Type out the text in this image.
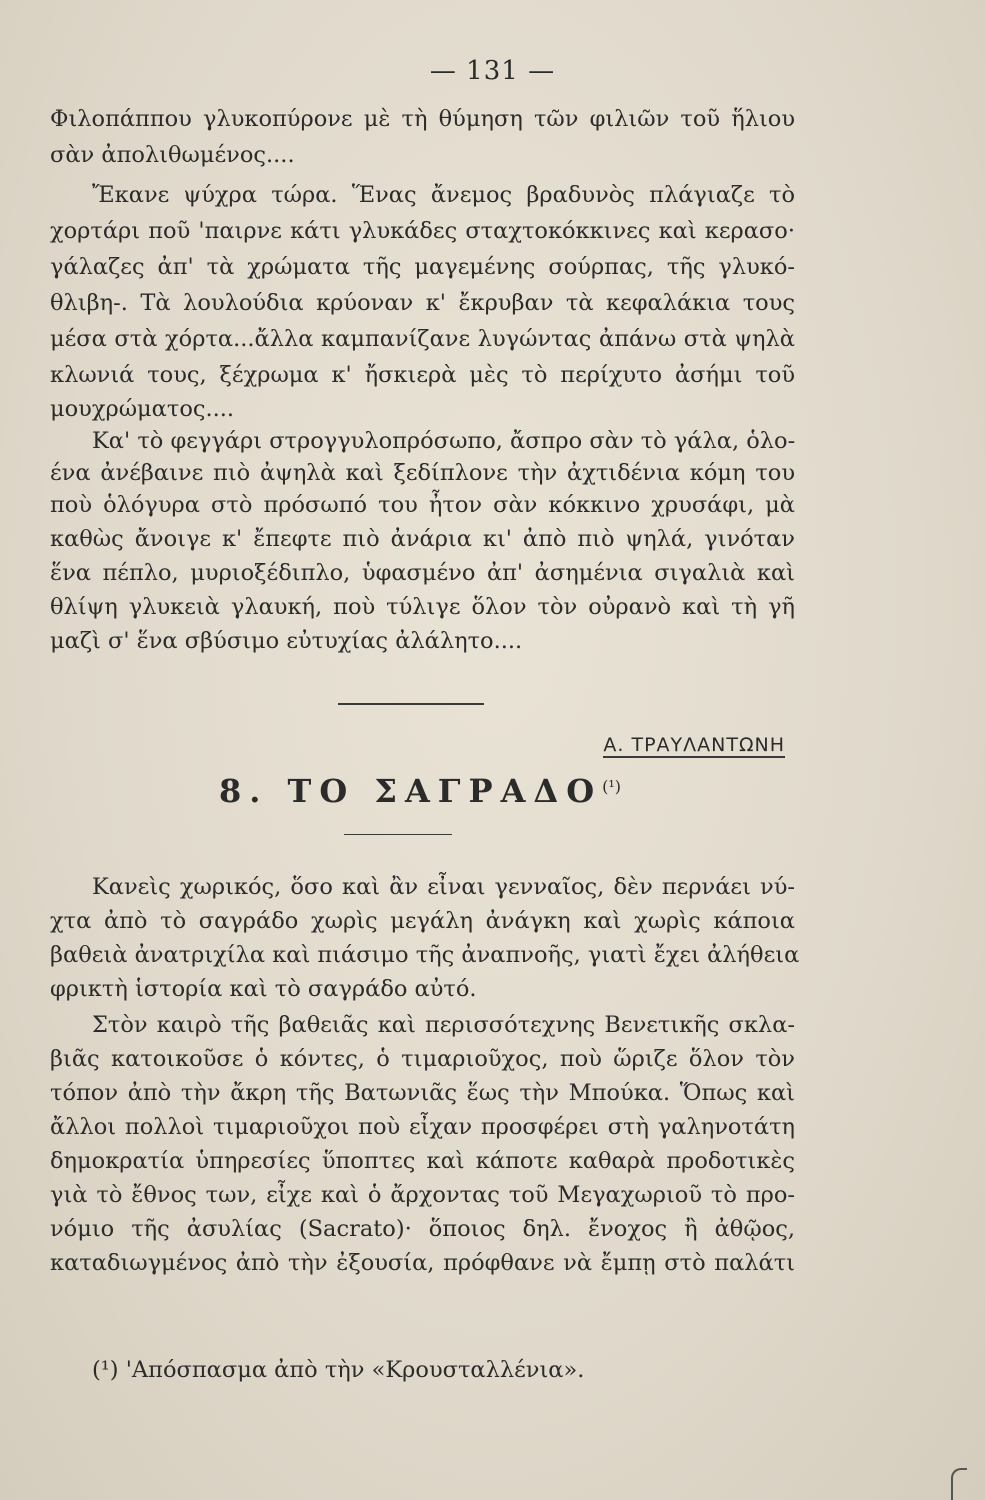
— 131 —
Φιλοπάππου γλυκοπύρονε μὲ τὴ θύμηση τῶν φιλιῶν τοῦ ἥλιου
σὰν ἀπολιθωμένος....
Ἔκανε ψύχρα τώρα. Ἕνας ἄνεμος βραδυνὸς πλάγιαζε τὸ
χορτάρι ποῦ 'παιρνε κάτι γλυκάδες σταχτοκόκκινες καὶ κερασο·
γάλαζες ἀπ' τὰ χρώματα τῆς μαγεμένης σούρπας, τῆς γλυκό-
θλιβη-. Τὰ λουλούδια κρύοναν κ' ἔκρυβαν τὰ κεφαλάκια τους
μέσα στὰ χόρτα...ἄλλα καμπανίζανε λυγώντας ἀπάνω στὰ ψηλὰ
κλωνιά τους, ξέχρωμα κ' ἤσκιερὰ μὲς τὸ περίχυτο ἀσήμι τοῦ
μουχρώματος....
Κα' τὸ φεγγάρι στρογγυλοπρόσωπο, ἄσπρο σὰν τὸ γάλα, ὁλο-
ένα ἀνέβαινε πιὸ ἀψηλὰ καὶ ξεδίπλονε τὴν ἀχτιδένια κόμη του
ποὺ ὁλόγυρα στὸ πρόσωπό του ἦτον σὰν κόκκινο χρυσάφι, μὰ
καθὼς ἄνοιγε κ' ἔπεφτε πιὸ ἀνάρια κι' ἀπὸ πιὸ ψηλά, γινόταν
ἕνα πέπλο, μυριοξέδιπλο, ὑφασμένο ἀπ' ἀσημένια σιγαλιὰ καὶ
θλίψη γλυκειὰ γλαυκή, ποὺ τύλιγε ὅλον τὸν οὐρανὸ καὶ τὴ γῆ
μαζὶ σ' ἕνα σβύσιμο εὐτυχίας ἀλάλητο....
Α. ΤΡΑΥΛΑΝΤΩΝΗ
8. ΤΟ $\Sigma A\Gamma PA\Delta O^{(^1)}$
Κανεὶς χωρικός, ὅσο καὶ ἂν εἶναι γενναῖος, δὲν περνάει νύ-
χτα ἀπὸ τὸ σαγράδο χωρὶς μεγάλη ἀνάγκη καὶ χωρὶς κάποια
βαθειὰ ἀνατριχίλα καὶ πιάσιμο τῆς ἀναπνοῆς, γιατὶ ἔχει ἀλήθεια
φρικτὴ ἱστορία καὶ τὸ σαγράδο αὐτό.
Στὸν καιρὸ τῆς βαθειᾶς καὶ περισσότεχνης Βενετικῆς σκλα-
βιᾶς κατοικοῦσε ὁ κόντες, ὁ τιμαριοῦχος, ποὺ ὥριζε ὅλον τὸν
τόπον ἀπὸ τὴν ἄκρη τῆς Βατωνιᾶς ἕως τὴν Μπούκα. Ὅπως καὶ
ἄλλοι πολλοὶ τιμαριοῦχοι ποὺ εἶχαν προσφέρει στὴ γαληνοτάτη
δημοκρατία ὑπηρεσίες ὕποπτες καὶ κάποτε καθαρὰ προδοτικὲς
γιὰ τὸ ἔθνος των, εἶχε καὶ ὁ ἄρχοντας τοῦ Μεγαχωριοῦ τὸ προ-
νόμιο τῆς ἀσυλίας (Sacrato)· ὅποιος δηλ. ἔνοχος ἢ ἀθῷος,
καταδιωγμένος ἀπὸ τὴν ἐξουσία, πρόφθανε νὰ ἔμπῃ στὸ παλάτι
(¹) 'Απόσπασμα ἀπὸ τὴν «Κρουσταλλένια».
